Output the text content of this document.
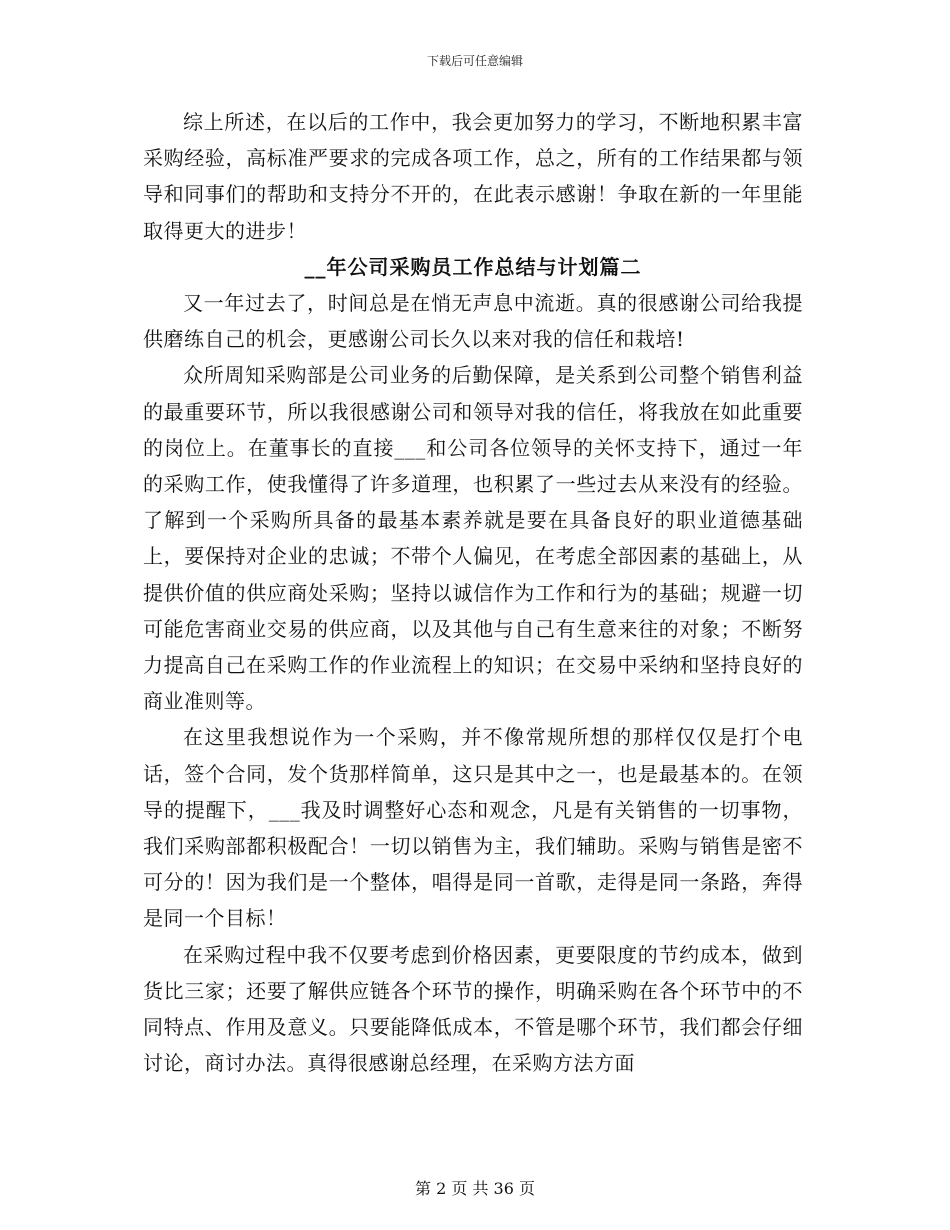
下载后可任意编辑

综上所述，在以后的工作中，我会更加努力的学习，不断地积累丰富采购经验，高标准严要求的完成各项工作，总之，所有的工作结果都与领导和同事们的帮助和支持分不开的，在此表示感谢！争取在新的一年里能取得更大的进步！

__年公司采购员工作总结与计划篇二

又一年过去了，时间总是在悄无声息中流逝。真的很感谢公司给我提供磨练自己的机会，更感谢公司长久以来对我的信任和栽培!

众所周知采购部是公司业务的后勤保障，是关系到公司整个销售利益的最重要环节，所以我很感谢公司和领导对我的信任，将我放在如此重要的岗位上。在董事长的直接___和公司各位领导的关怀支持下，通过一年的采购工作，使我懂得了许多道理，也积累了一些过去从来没有的经验。了解到一个采购所具备的最基本素养就是要在具备良好的职业道德基础上，要保持对企业的忠诚；不带个人偏见，在考虑全部因素的基础上，从提供价值的供应商处采购；坚持以诚信作为工作和行为的基础；规避一切可能危害商业交易的供应商，以及其他与自己有生意来往的对象；不断努力提高自己在采购工作的作业流程上的知识；在交易中采纳和坚持良好的商业准则等。

在这里我想说作为一个采购，并不像常规所想的那样仅仅是打个电话，签个合同，发个货那样简单，这只是其中之一，也是最基本的。在领导的提醒下，___我及时调整好心态和观念，凡是有关销售的一切事物，我们采购部都积极配合！一切以销售为主，我们辅助。采购与销售是密不可分的！因为我们是一个整体，唱得是同一首歌，走得是同一条路，奔得是同一个目标！

在采购过程中我不仅要考虑到价格因素，更要限度的节约成本，做到货比三家；还要了解供应链各个环节的操作，明确采购在各个环节中的不同特点、作用及意义。只要能降低成本，不管是哪个环节，我们都会仔细讨论，商讨办法。真得很感谢总经理，在采购方法方面

第 2 页 共 36 页
